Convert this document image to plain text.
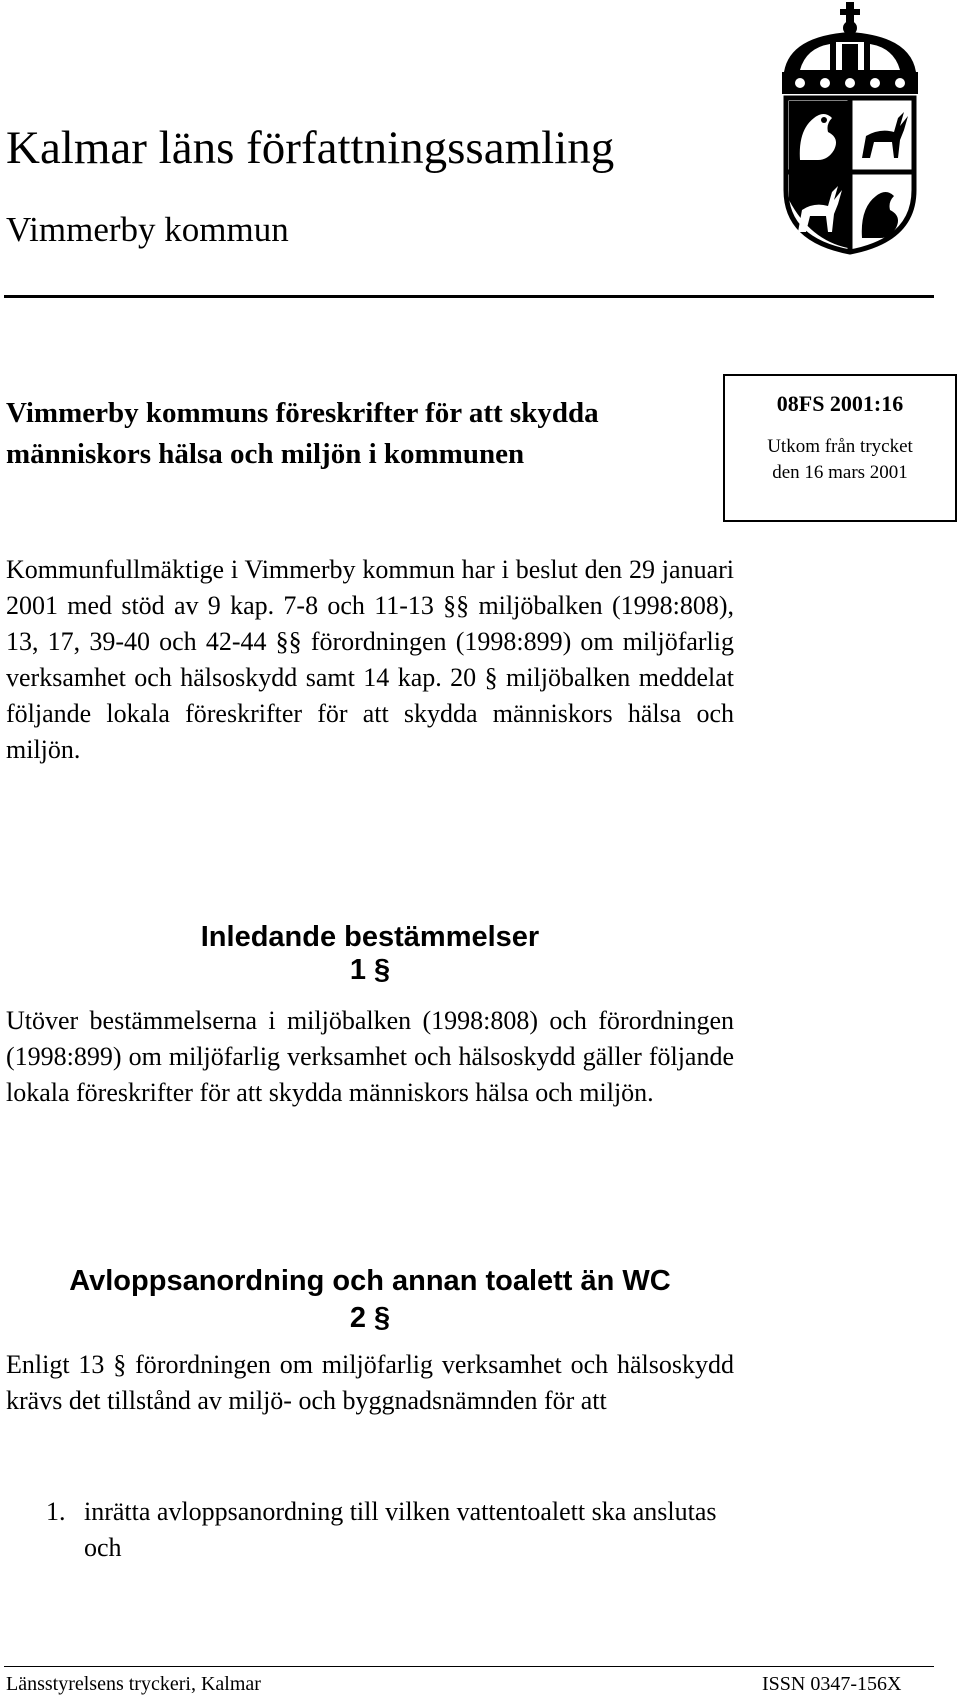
Kalmar läns författningssamling
Vimmerby kommun
Vimmerby kommuns föreskrifter för att skydda människors hälsa och miljön i kommunen
08FS 2001:16
Utkom från trycket
den 16 mars 2001
Kommunfullmäktige i Vimmerby kommun har i beslut den 29 januari 2001 med stöd av 9 kap. 7-8 och 11-13 §§ miljöbalken (1998:808), 13, 17, 39-40 och 42-44 §§ förordningen (1998:899) om miljöfarlig verksamhet och hälsoskydd samt 14 kap. 20 § miljöbalken meddelat följande lokala föreskrifter för att skydda människors hälsa och miljön.
Inledande bestämmelser
1 §
Utöver bestämmelserna i miljöbalken (1998:808) och förordningen (1998:899) om miljöfarlig verksamhet och hälsoskydd gäller följande lokala föreskrifter för att skydda människors hälsa och miljön.
Avloppsanordning och annan toalett än WC
2 §
Enligt 13 § förordningen om miljöfarlig verksamhet och hälsoskydd krävs det tillstånd av miljö- och byggnadsnämnden för att
1. inrätta avloppsanordning till vilken vattentoalett ska anslutas och
Länsstyrelsens tryckeri, Kalmar	ISSN 0347-156X
